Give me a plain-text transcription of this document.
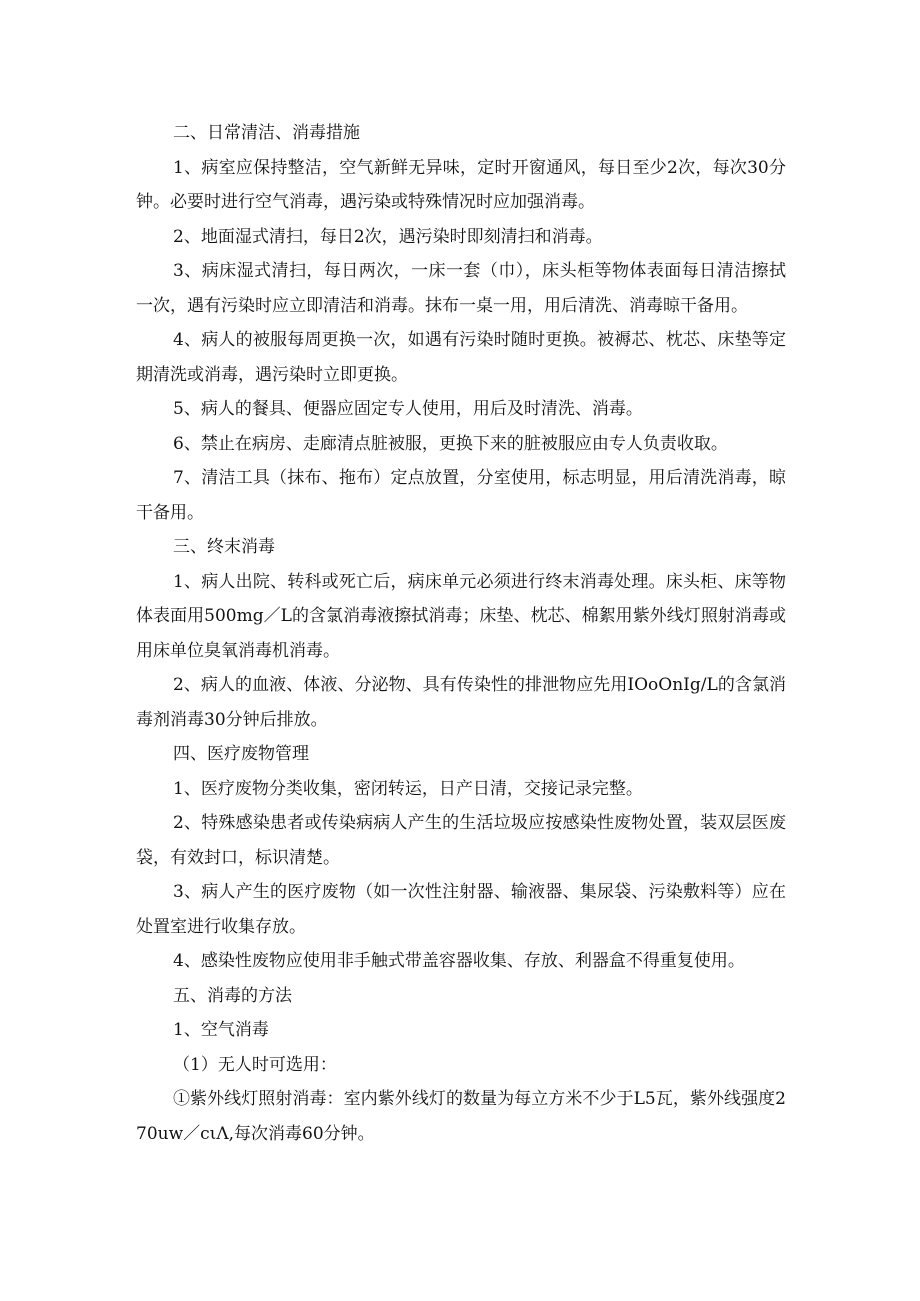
二、日常清洁、消毒措施

1、病室应保持整洁，空气新鲜无异味，定时开窗通风，每日至少2次，每次30分钟。必要时进行空气消毒，遇污染或特殊情况时应加强消毒。

2、地面湿式清扫，每日2次，遇污染时即刻清扫和消毒。

3、病床湿式清扫，每日两次，一床一套（巾），床头柜等物体表面每日清洁擦拭一次，遇有污染时应立即清洁和消毒。抹布一桌一用，用后清洗、消毒晾干备用。

4、病人的被服每周更换一次，如遇有污染时随时更换。被褥芯、枕芯、床垫等定期清洗或消毒，遇污染时立即更换。

5、病人的餐具、便器应固定专人使用，用后及时清洗、消毒。

6、禁止在病房、走廊清点脏被服，更换下来的脏被服应由专人负责收取。

7、清洁工具（抹布、拖布）定点放置，分室使用，标志明显，用后清洗消毒，晾干备用。

三、终末消毒

1、病人出院、转科或死亡后，病床单元必须进行终末消毒处理。床头柜、床等物体表面用500mg／L的含氯消毒液擦拭消毒；床垫、枕芯、棉絮用紫外线灯照射消毒或用床单位臭氧消毒机消毒。

2、病人的血液、体液、分泌物、具有传染性的排泄物应先用IOoOnIg/L的含氯消毒剂消毒30分钟后排放。

四、医疗废物管理

1、医疗废物分类收集，密闭转运，日产日清，交接记录完整。

2、特殊感染患者或传染病病人产生的生活垃圾应按感染性废物处置，装双层医废袋，有效封口，标识清楚。

3、病人产生的医疗废物（如一次性注射器、输液器、集尿袋、污染敷料等）应在处置室进行收集存放。

4、感染性废物应使用非手触式带盖容器收集、存放、利器盒不得重复使用。

五、消毒的方法

1、空气消毒

（1）无人时可选用：

①紫外线灯照射消毒：室内紫外线灯的数量为每立方米不少于L5瓦，紫外线强度270uw／cιΛ,每次消毒60分钟。
